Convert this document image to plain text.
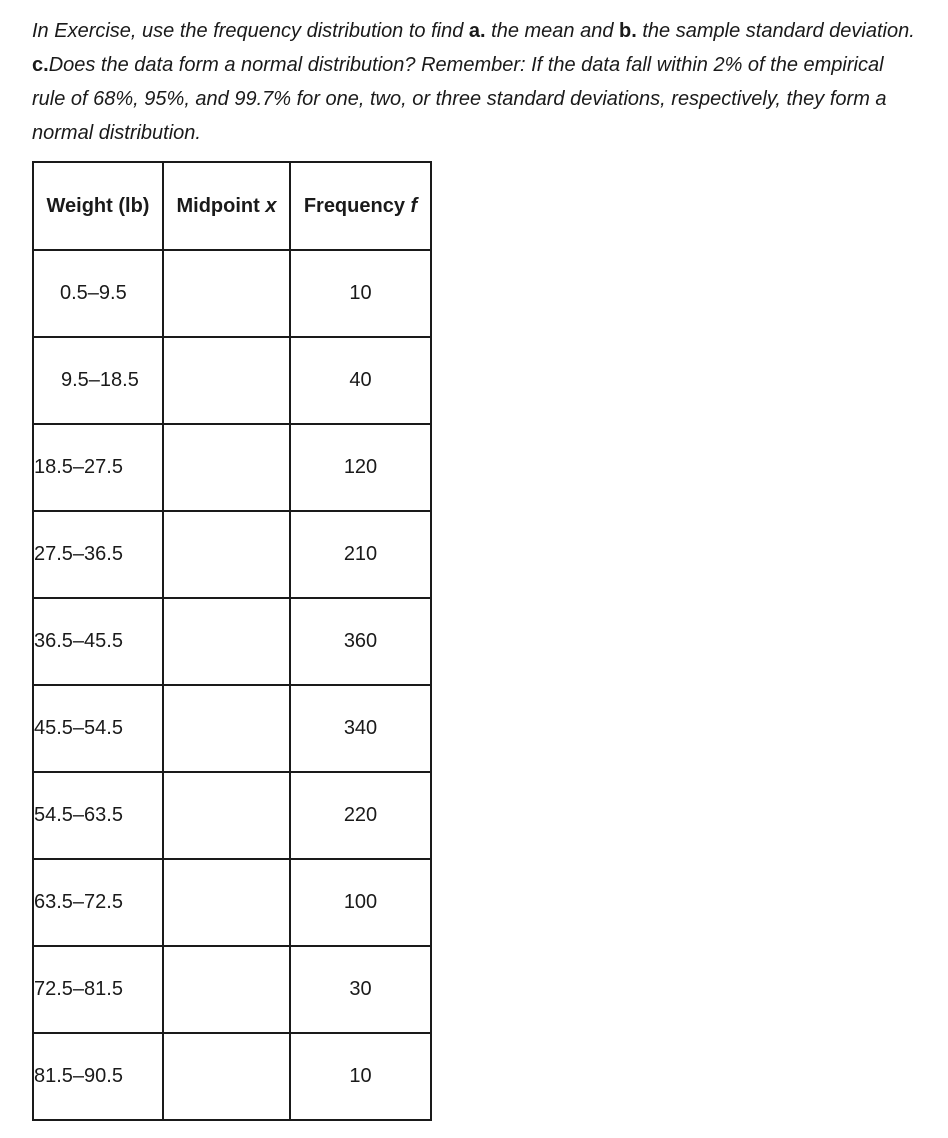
In Exercise, use the frequency distribution to find a. the mean and b. the sample standard deviation. c.Does the data form a normal distribution? Remember: If the data fall within 2% of the empirical rule of 68%, 95%, and 99.7% for one, two, or three standard deviations, respectively, they form a normal distribution.

Weight (lb)	Midpoint x	Frequency f
0.5–9.5		10
9.5–18.5		40
18.5–27.5		120
27.5–36.5		210
36.5–45.5		360
45.5–54.5		340
54.5–63.5		220
63.5–72.5		100
72.5–81.5		30
81.5–90.5		10
